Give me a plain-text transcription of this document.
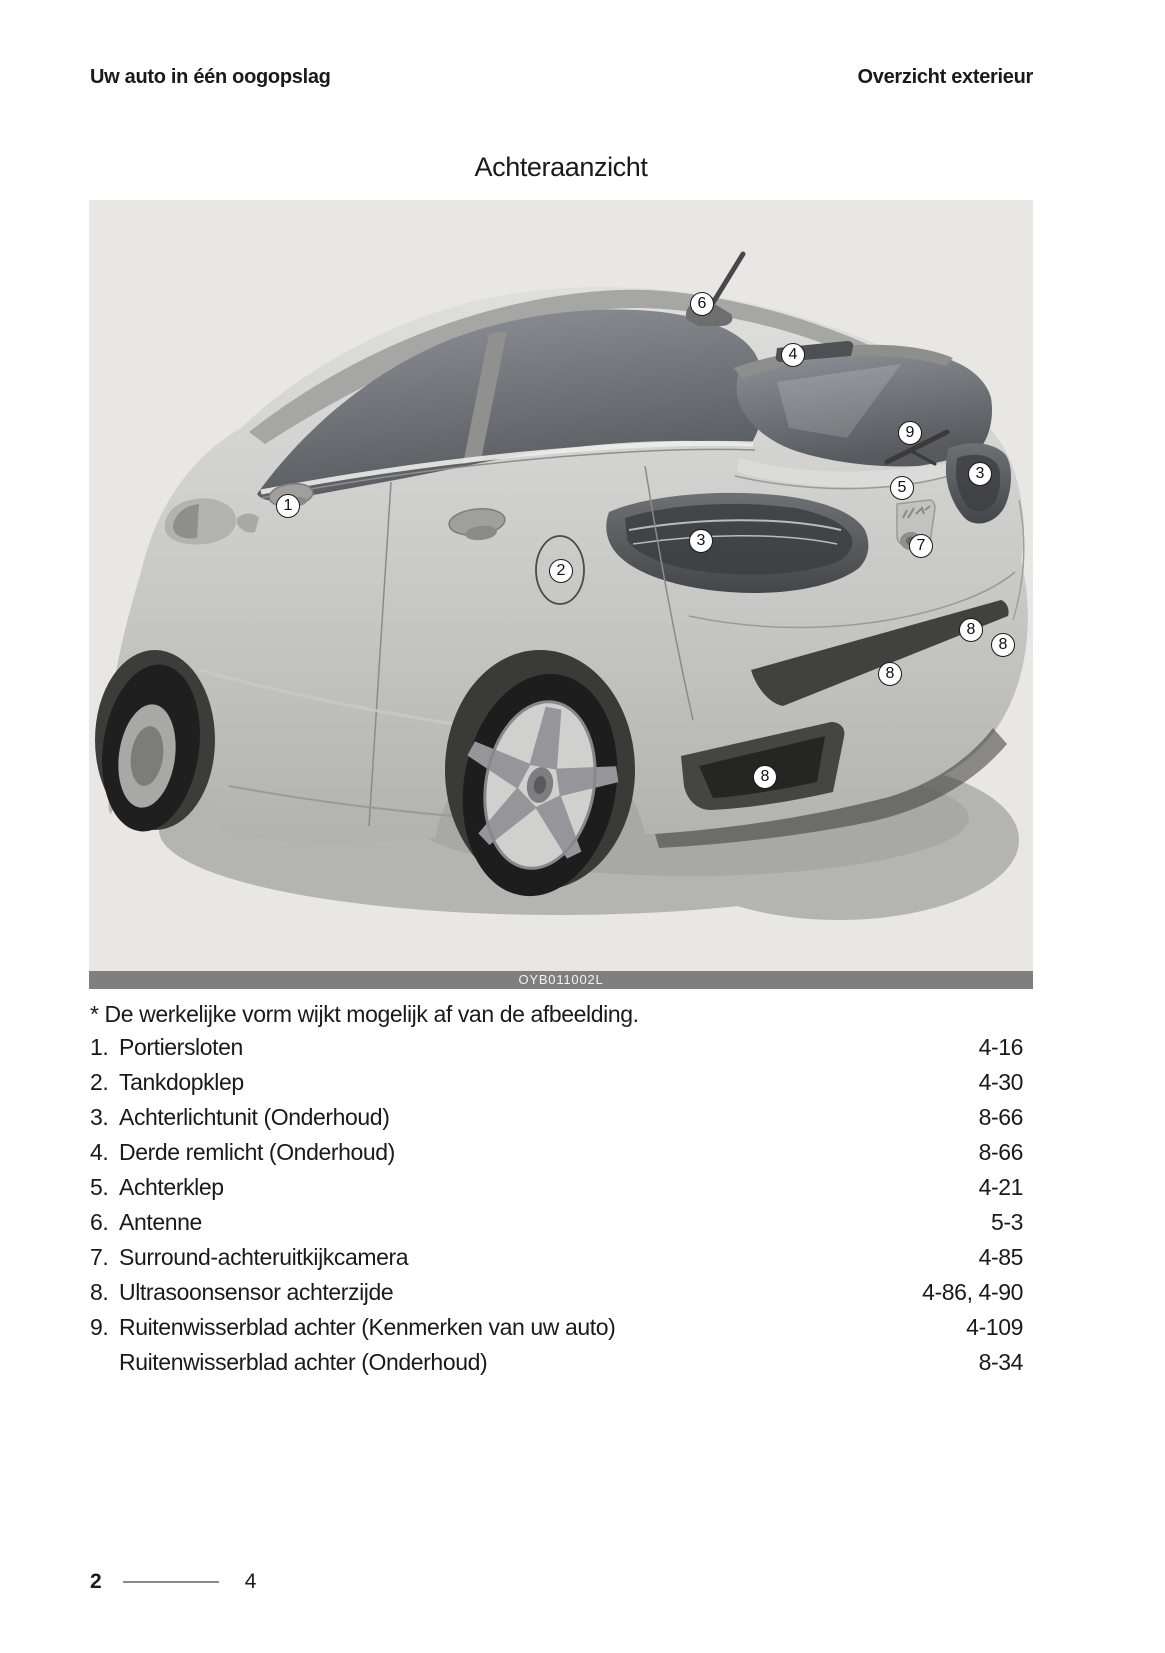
Uw auto in één oogopslag	Overzicht exterieur
Achteraanzicht
1
2
3
3
4
5
6
7
8
8
8
8
9
OYB011002L
* De werkelijke vorm wijkt mogelijk af van de afbeelding.
1. Portiersloten	4-16
2. Tankdopklep	4-30
3. Achterlichtunit (Onderhoud)	8-66
4. Derde remlicht (Onderhoud)	8-66
5. Achterklep	4-21
6. Antenne	5-3
7. Surround-achteruitkijkcamera	4-85
8. Ultrasoonsensor achterzijde	4-86, 4-90
9. Ruitenwisserblad achter (Kenmerken van uw auto)	4-109
Ruitenwisserblad achter (Onderhoud)	8-34
2	4
